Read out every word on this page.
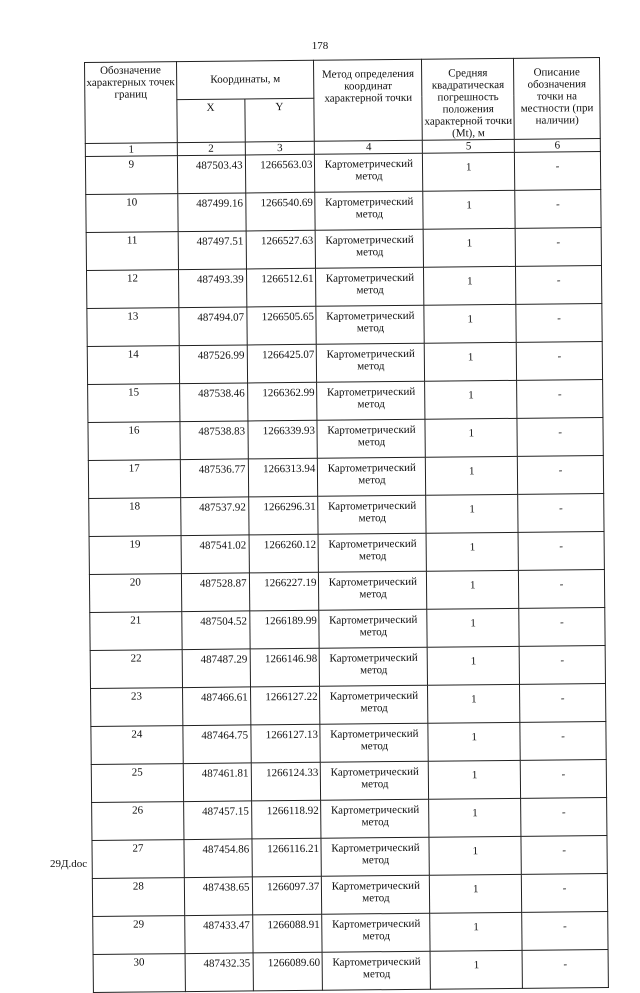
178
Обозначение характерных точек границ	Координаты, м		Метод определения координат характерной точки	Средняя квадратическая погрешность положения характерной точки (Mt), м	Описание обозначения точки на местности (при наличии)
	X	Y			
1	2	3	4	5	6
9	487503.43	1266563.03	Картометрический
метод	1	-
10	487499.16	1266540.69	Картометрический
метод	1	-
11	487497.51	1266527.63	Картометрический
метод	1	-
12	487493.39	1266512.61	Картометрический
метод	1	-
13	487494.07	1266505.65	Картометрический
метод	1	-
14	487526.99	1266425.07	Картометрический
метод	1	-
15	487538.46	1266362.99	Картометрический
метод	1	-
16	487538.83	1266339.93	Картометрический
метод	1	-
17	487536.77	1266313.94	Картометрический
метод	1	-
18	487537.92	1266296.31	Картометрический
метод	1	-
19	487541.02	1266260.12	Картометрический
метод	1	-
20	487528.87	1266227.19	Картометрический
метод	1	-
21	487504.52	1266189.99	Картометрический
метод	1	-
22	487487.29	1266146.98	Картометрический
метод	1	-
23	487466.61	1266127.22	Картометрический
метод	1	-
24	487464.75	1266127.13	Картометрический
метод	1	-
25	487461.81	1266124.33	Картометрический
метод	1	-
26	487457.15	1266118.92	Картометрический
метод	1	-
27	487454.86	1266116.21	Картометрический
метод	1	-
28	487438.65	1266097.37	Картометрический
метод	1	-
29	487433.47	1266088.91	Картометрический
метод	1	-
30	487432.35	1266089.60	Картометрический
метод	1	-
29Д.doc
